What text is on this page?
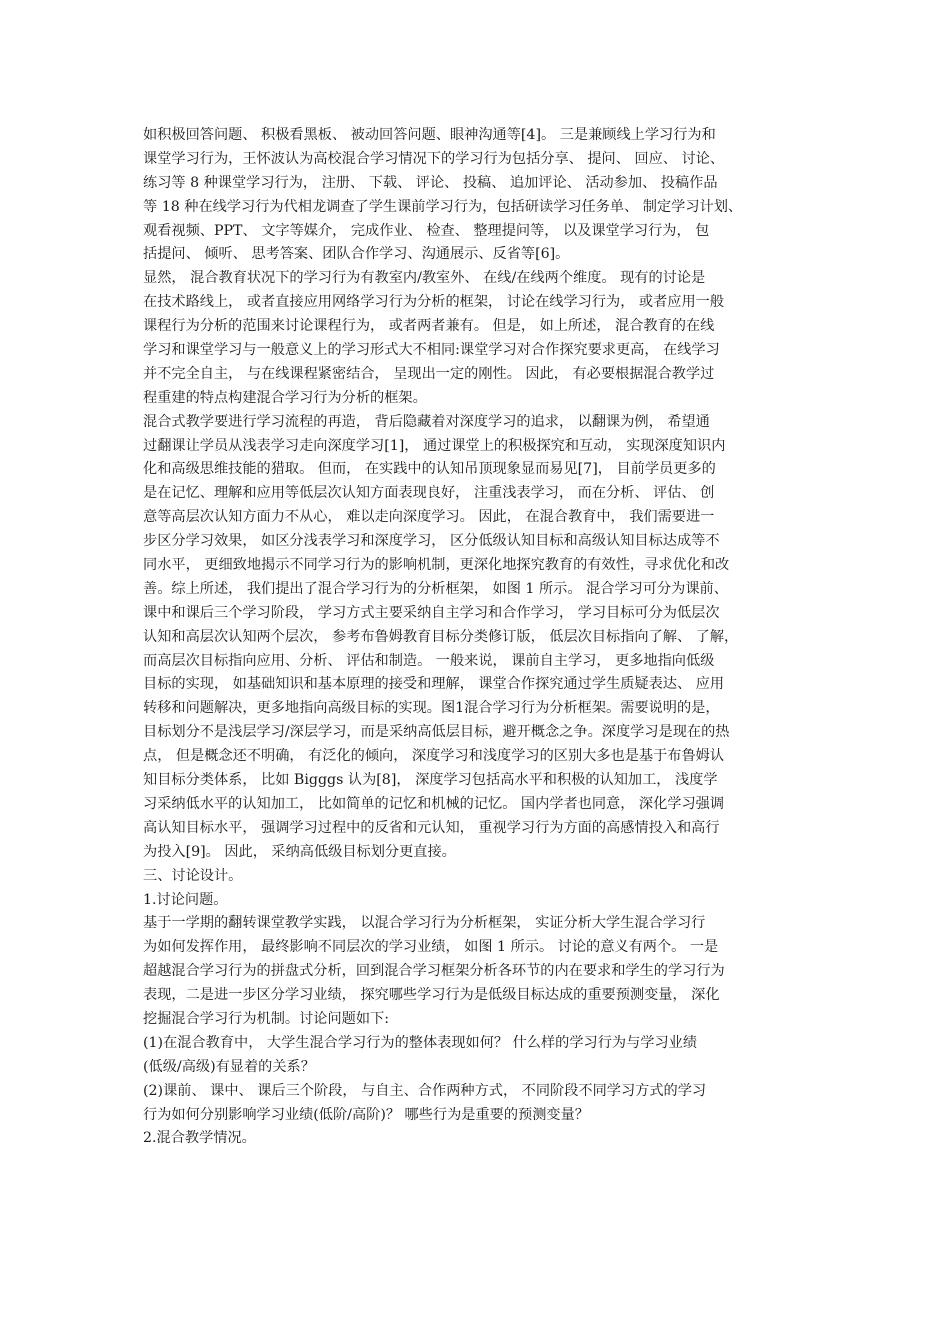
如积极回答问题、 积极看黑板、 被动回答问题、眼神沟通等[4]。 三是兼顾线上学习行为和
课堂学习行为，王怀波认为高校混合学习情况下的学习行为包括分享、 提问、 回应、 讨论、
练习等 8 种课堂学习行为， 注册、 下载、 评论、 投稿、 追加评论、 活动参加、 投稿作品
等 18 种在线学习行为代相龙调查了学生课前学习行为，包括研读学习任务单、 制定学习计划、
观看视频、PPT、 文字等媒介， 完成作业、 检查、 整理提问等， 以及课堂学习行为， 包
括提问、 倾听、 思考答案、团队合作学习、沟通展示、反省等[6]。
显然， 混合教育状况下的学习行为有教室内/教室外、 在线/在线两个维度。 现有的讨论是
在技术路线上， 或者直接应用网络学习行为分析的框架， 讨论在线学习行为， 或者应用一般
课程行为分析的范围来讨论课程行为， 或者两者兼有。 但是， 如上所述， 混合教育的在线
学习和课堂学习与一般意义上的学习形式大不相同:课堂学习对合作探究要求更高， 在线学习
并不完全自主， 与在线课程紧密结合， 呈现出一定的刚性。 因此， 有必要根据混合教学过
程重建的特点构建混合学习行为分析的框架。
混合式教学要进行学习流程的再造， 背后隐藏着对深度学习的追求， 以翻课为例， 希望通
过翻课让学员从浅表学习走向深度学习[1]， 通过课堂上的积极探究和互动， 实现深度知识内
化和高级思维技能的猎取。 但而， 在实践中的认知吊顶现象显而易见[7]， 目前学员更多的
是在记忆、理解和应用等低层次认知方面表现良好， 注重浅表学习， 而在分析、 评估、 创
意等高层次认知方面力不从心， 难以走向深度学习。 因此， 在混合教育中， 我们需要进一
步区分学习效果， 如区分浅表学习和深度学习， 区分低级认知目标和高级认知目标达成等不
同水平， 更细致地揭示不同学习行为的影响机制，更深化地探究教育的有效性，寻求优化和改
善。综上所述， 我们提出了混合学习行为的分析框架， 如图 1 所示。 混合学习可分为课前、
课中和课后三个学习阶段， 学习方式主要采纳自主学习和合作学习， 学习目标可分为低层次
认知和高层次认知两个层次， 参考布鲁姆教育目标分类修订版， 低层次目标指向了解、 了解，
而高层次目标指向应用、分析、 评估和制造。 一般来说， 课前自主学习， 更多地指向低级
目标的实现， 如基础知识和基本原理的接受和理解， 课堂合作探究通过学生质疑表达、 应用
转移和问题解决，更多地指向高级目标的实现。图1混合学习行为分析框架。需要说明的是，
目标划分不是浅层学习/深层学习，而是采纳高低层目标，避开概念之争。深度学习是现在的热
点， 但是概念还不明确， 有泛化的倾向， 深度学习和浅度学习的区别大多也是基于布鲁姆认
知目标分类体系， 比如 Bigggs 认为[8]， 深度学习包括高水平和积极的认知加工， 浅度学
习采纳低水平的认知加工， 比如简单的记忆和机械的记忆。 国内学者也同意， 深化学习强调
高认知目标水平， 强调学习过程中的反省和元认知， 重视学习行为方面的高感情投入和高行
为投入[9]。 因此， 采纳高低级目标划分更直接。
三、讨论设计。
1.讨论问题。
基于一学期的翻转课堂教学实践， 以混合学习行为分析框架， 实证分析大学生混合学习行
为如何发挥作用， 最终影响不同层次的学习业绩， 如图 1 所示。 讨论的意义有两个。 一是
超越混合学习行为的拼盘式分析，回到混合学习框架分析各环节的内在要求和学生的学习行为
表现，二是进一步区分学习业绩， 探究哪些学习行为是低级目标达成的重要预测变量， 深化
挖掘混合学习行为机制。讨论问题如下:
(1)在混合教育中， 大学生混合学习行为的整体表现如何？ 什么样的学习行为与学习业绩
(低级/高级)有显着的关系？
(2)课前、 课中、 课后三个阶段， 与自主、合作两种方式， 不同阶段不同学习方式的学习
行为如何分别影响学习业绩(低阶/高阶)？ 哪些行为是重要的预测变量？
2.混合教学情况。
